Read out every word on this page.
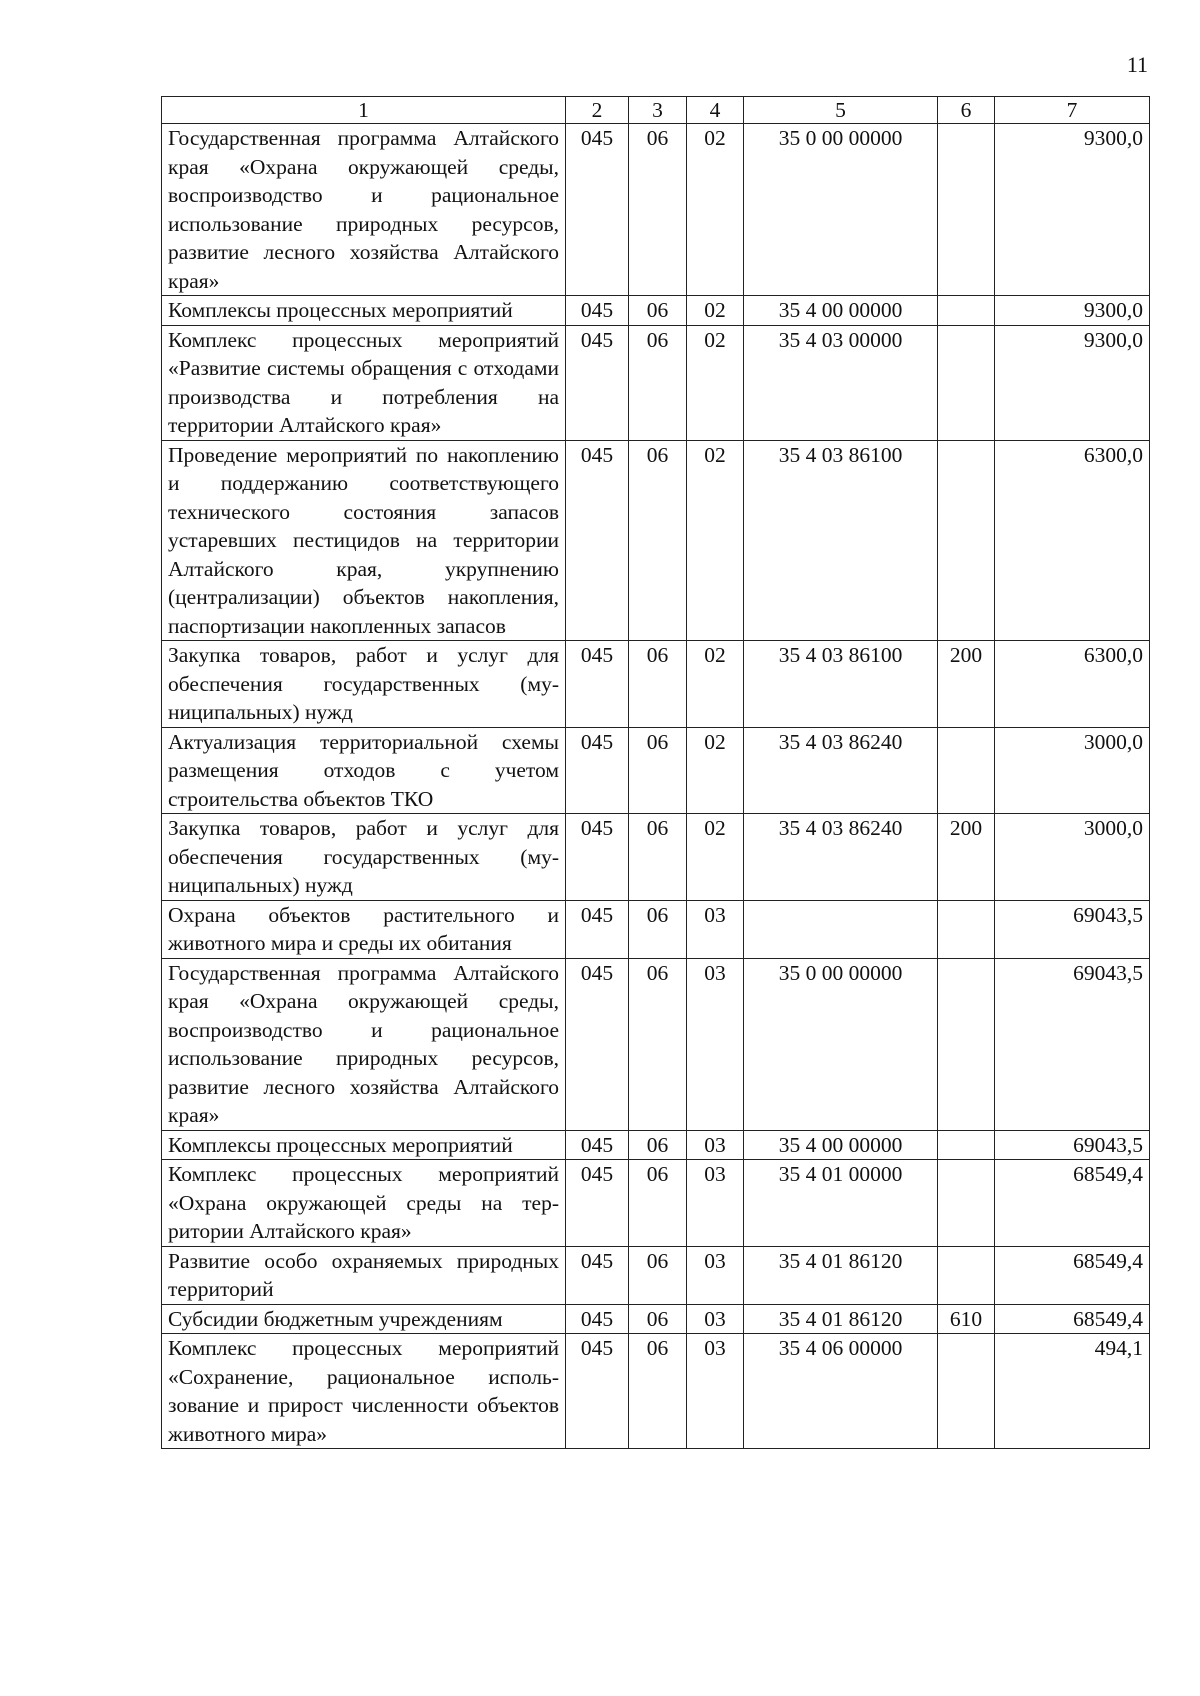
11
1	2	3	4	5	6	7
Государственная программа Алтайского края «Охрана окружающей среды, воспроизводство и рациональное использование природных ресурсов, развитие лесного хозяйства Алтайского края»	045	06	02	35 0 00 00000		9300,0
Комплексы процессных мероприятий	045	06	02	35 4 00 00000		9300,0
Комплекс процессных мероприятий «Развитие системы обращения с отходами производства и потребления на территории Алтайского края»	045	06	02	35 4 03 00000		9300,0
Проведение мероприятий по накоплению и поддержанию соответствующего технического состояния запасов устаревших пестицидов на территории Алтайского края, укрупнению (централизации) объектов накопления, паспортизации накопленных запасов	045	06	02	35 4 03 86100		6300,0
Закупка товаров, работ и услуг для обеспечения государственных (муниципальных) нужд	045	06	02	35 4 03 86100	200	6300,0
Актуализация территориальной схемы размещения отходов с учетом строительства объектов ТКО	045	06	02	35 4 03 86240		3000,0
Закупка товаров, работ и услуг для обеспечения государственных (муниципальных) нужд	045	06	02	35 4 03 86240	200	3000,0
Охрана объектов растительного и животного мира и среды их обитания	045	06	03			69043,5
Государственная программа Алтайского края «Охрана окружающей среды, воспроизводство и рациональное использование природных ресурсов, развитие лесного хозяйства Алтайского края»	045	06	03	35 0 00 00000		69043,5
Комплексы процессных мероприятий	045	06	03	35 4 00 00000		69043,5
Комплекс процессных мероприятий «Охрана окружающей среды на территории Алтайского края»	045	06	03	35 4 01 00000		68549,4
Развитие особо охраняемых природных территорий	045	06	03	35 4 01 86120		68549,4
Субсидии бюджетным учреждениям	045	06	03	35 4 01 86120	610	68549,4
Комплекс процессных мероприятий «Сохранение, рациональное использование и прирост численности объектов животного мира»	045	06	03	35 4 06 00000		494,1
